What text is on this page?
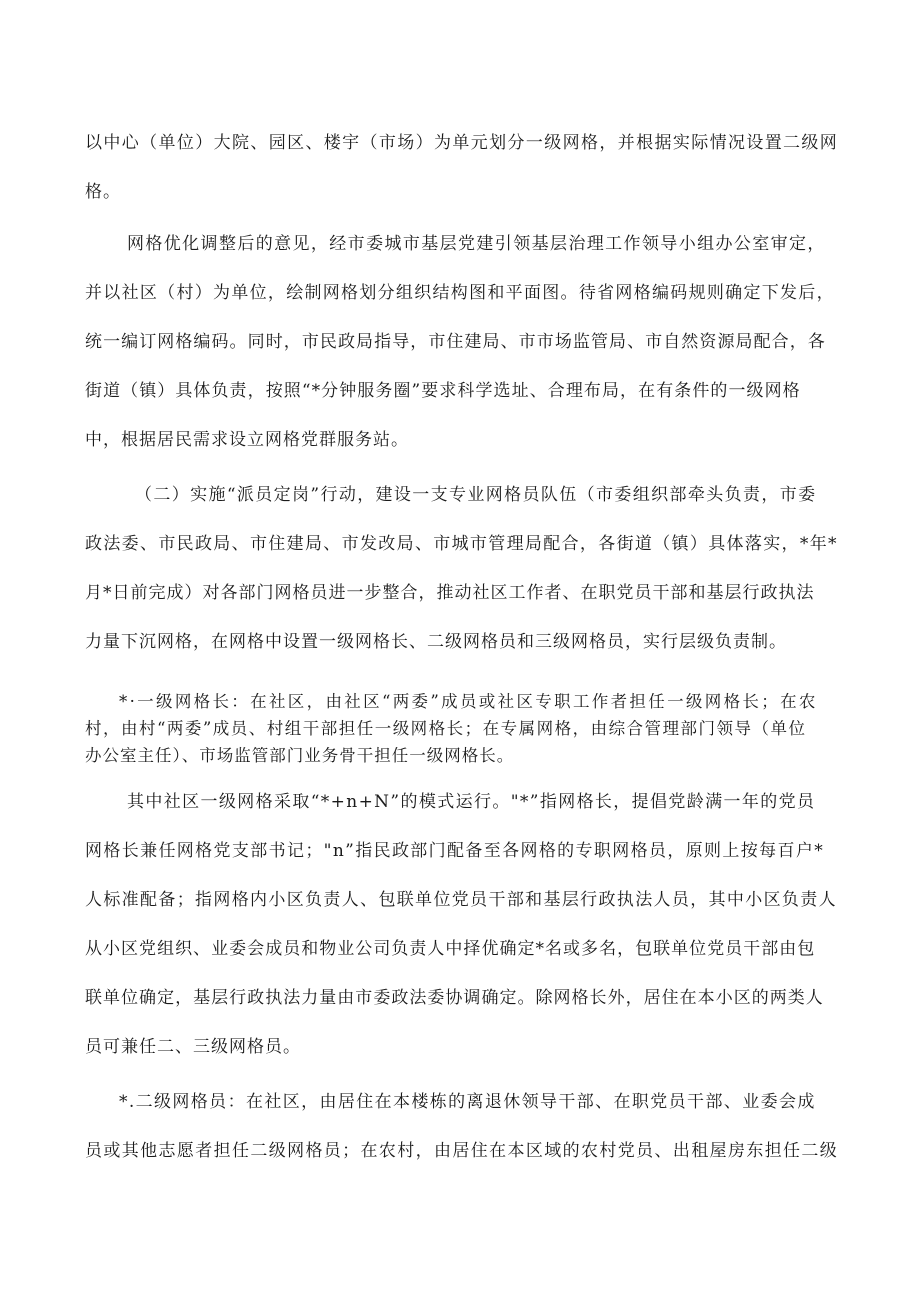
以中心（单位）大院、园区、楼宇（市场）为单元划分一级网格，并根据实际情况设置二级网
格。
网格优化调整后的意见，经市委城市基层党建引领基层治理工作领导小组办公室审定，
并以社区（村）为单位，绘制网格划分组织结构图和平面图。待省网格编码规则确定下发后，
统一编订网格编码。同时，市民政局指导，市住建局、市市场监管局、市自然资源局配合，各
街道（镇）具体负责，按照“*分钟服务圈”要求科学选址、合理布局，在有条件的一级网格
中，根据居民需求设立网格党群服务站。
（二）实施“派员定岗”行动，建设一支专业网格员队伍（市委组织部牵头负责，市委
政法委、市民政局、市住建局、市发改局、市城市管理局配合，各街道（镇）具体落实，*年*
月*日前完成）对各部门网格员进一步整合，推动社区工作者、在职党员干部和基层行政执法
力量下沉网格，在网格中设置一级网格长、二级网格员和三级网格员，实行层级负责制。
*·一级网格长：在社区，由社区“两委”成员或社区专职工作者担任一级网格长；在农
村，由村“两委”成员、村组干部担任一级网格长；在专属网格，由综合管理部门领导（单位
办公室主任）、市场监管部门业务骨干担任一级网格长。
其中社区一级网格采取“*+n+N”的模式运行。"*”指网格长，提倡党龄满一年的党员
网格长兼任网格党支部书记；"n”指民政部门配备至各网格的专职网格员，原则上按每百户*
人标准配备；指网格内小区负责人、包联单位党员干部和基层行政执法人员，其中小区负责人
从小区党组织、业委会成员和物业公司负责人中择优确定*名或多名，包联单位党员干部由包
联单位确定，基层行政执法力量由市委政法委协调确定。除网格长外，居住在本小区的两类人
员可兼任二、三级网格员。
*.二级网格员：在社区，由居住在本楼栋的离退休领导干部、在职党员干部、业委会成
员或其他志愿者担任二级网格员；在农村，由居住在本区域的农村党员、出租屋房东担任二级
